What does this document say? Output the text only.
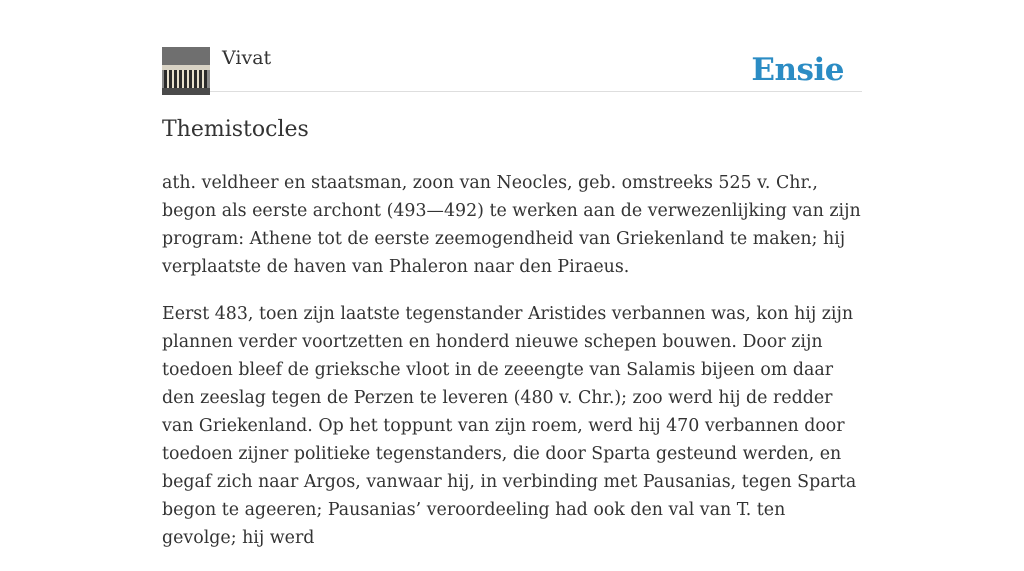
Vivat	Ensie
Themistocles

ath. veldheer en staatsman, zoon van Neocles, geb. omstreeks 525 v. Chr., begon als eerste archont (493—492) te werken aan de verwezenlijking van zijn program: Athene tot de eerste zeemogendheid van Griekenland te maken; hij verplaatste de haven van Phaleron naar den Piraeus.

Eerst 483, toen zijn laatste tegenstander Aristides verbannen was, kon hij zijn plannen verder voortzetten en honderd nieuwe schepen bouwen. Door zijn toedoen bleef de grieksche vloot in de zeeengte van Salamis bijeen om daar den zeeslag tegen de Perzen te leveren (480 v. Chr.); zoo werd hij de redder van Griekenland. Op het toppunt van zijn roem, werd hij 470 verbannen door toedoen zijner politieke tegenstanders, die door Sparta gesteund werden, en begaf zich naar Argos, vanwaar hij, in verbinding met Pausanias, tegen Sparta begon te ageeren; Pausanias’ veroordeeling had ook den val van T. ten gevolge; hij werd
